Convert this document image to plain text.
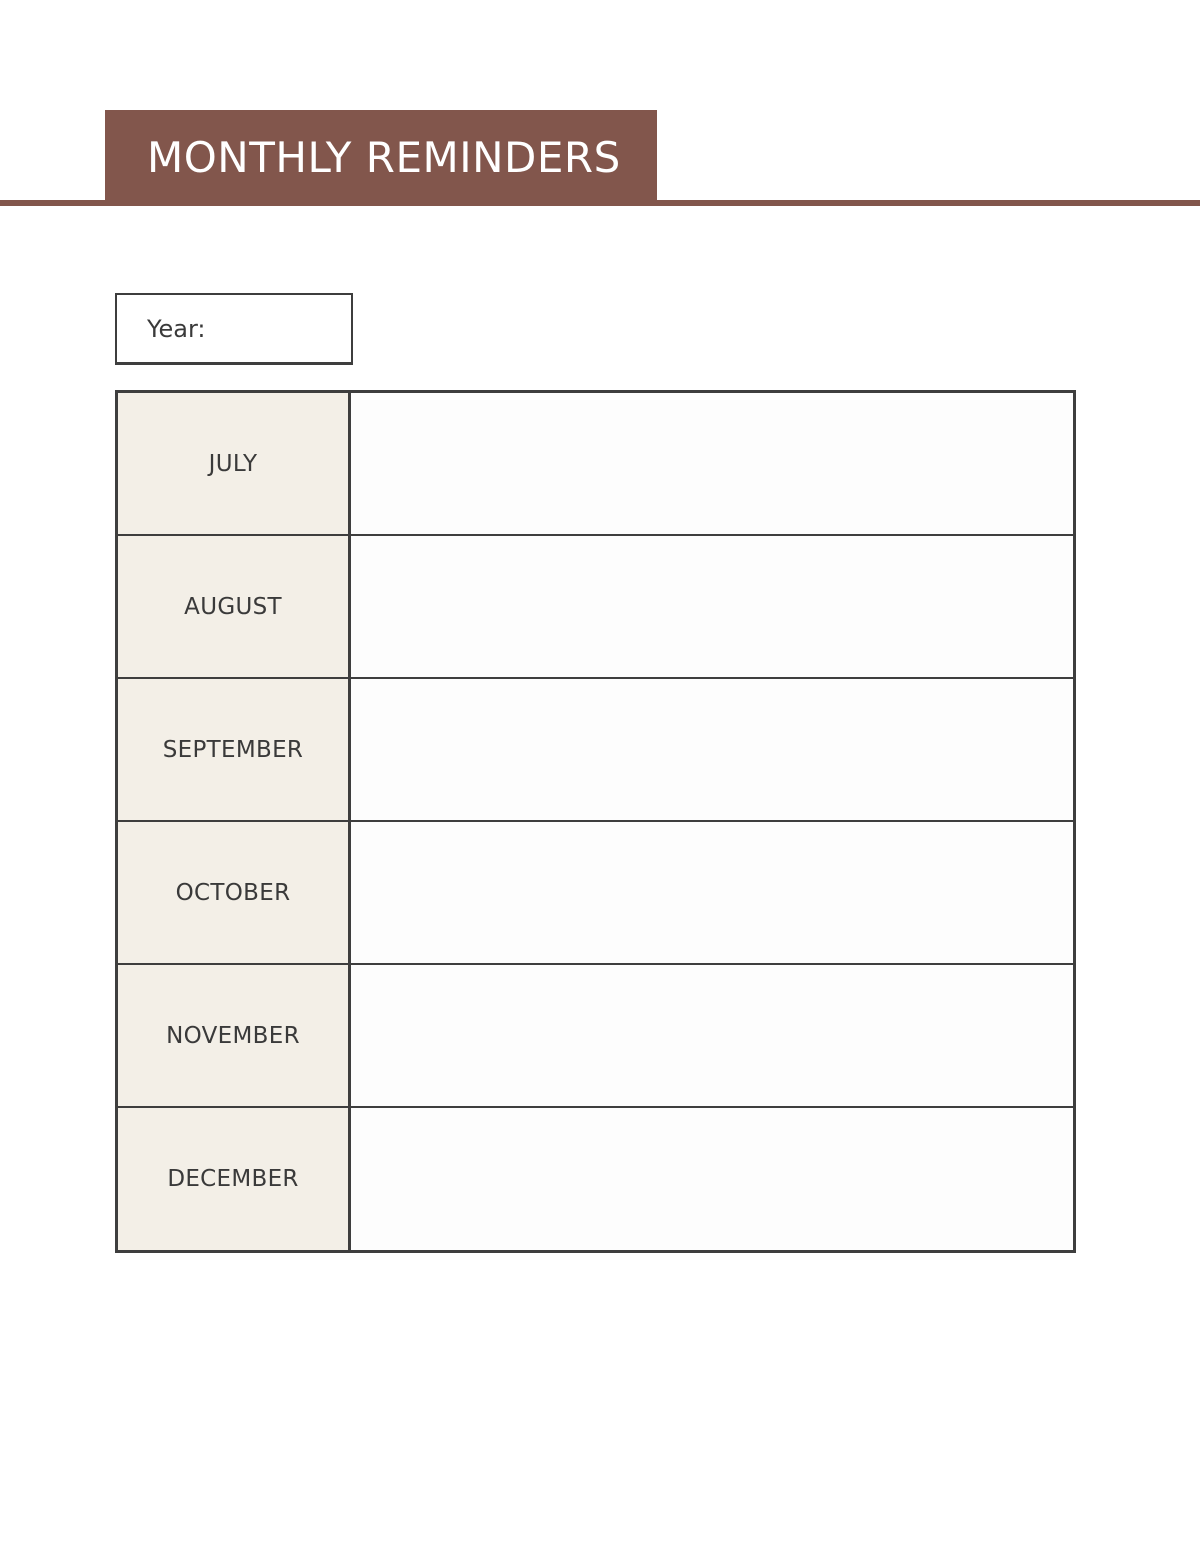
MONTHLY REMINDERS
Year:
JULY
AUGUST
SEPTEMBER
OCTOBER
NOVEMBER
DECEMBER
